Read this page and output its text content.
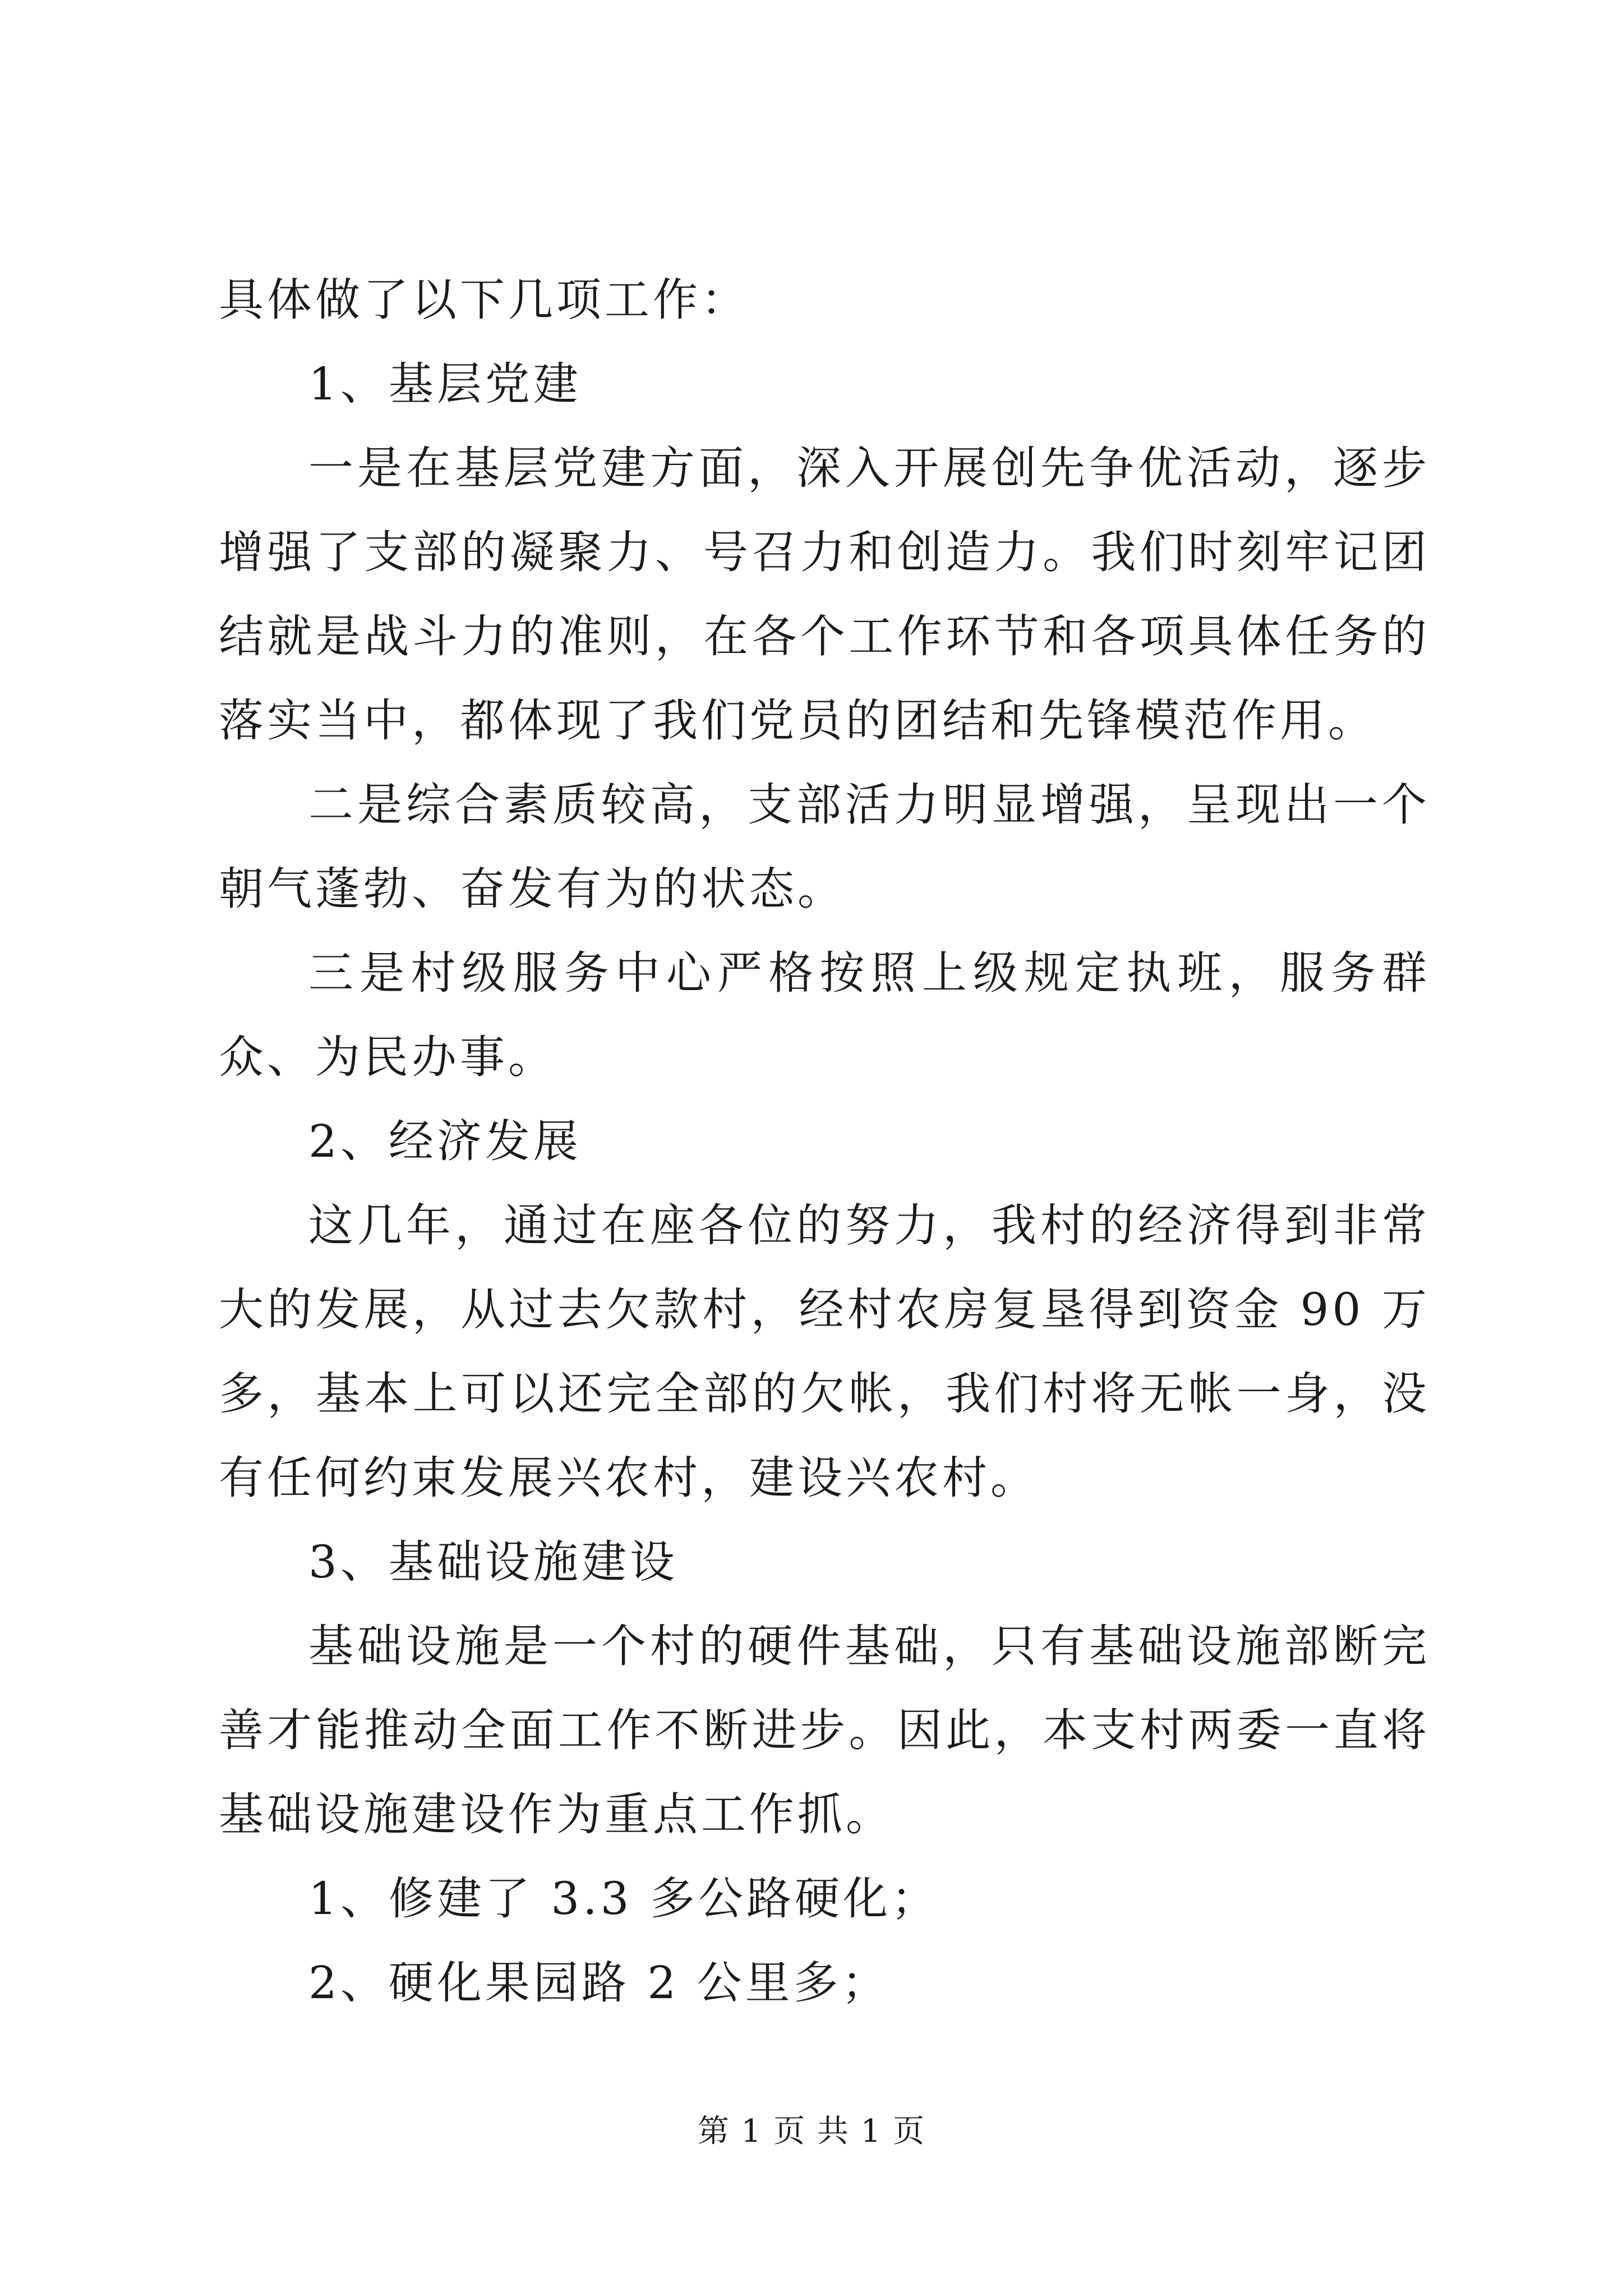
具体做了以下几项工作：

1、基层党建

一是在基层党建方面，深入开展创先争优活动，逐步增强了支部的凝聚力、号召力和创造力。我们时刻牢记团结就是战斗力的准则，在各个工作环节和各项具体任务的落实当中，都体现了我们党员的团结和先锋模范作用。

二是综合素质较高，支部活力明显增强，呈现出一个朝气蓬勃、奋发有为的状态。

三是村级服务中心严格按照上级规定执班，服务群众、为民办事。

2、经济发展

这几年，通过在座各位的努力，我村的经济得到非常大的发展，从过去欠款村，经村农房复垦得到资金 90 万多，基本上可以还完全部的欠帐，我们村将无帐一身，没有任何约束发展兴农村，建设兴农村。

3、基础设施建设

基础设施是一个村的硬件基础，只有基础设施部断完善才能推动全面工作不断进步。因此，本支村两委一直将基础设施建设作为重点工作抓。

1、修建了 3.3 多公路硬化；

2、硬化果园路 2 公里多；

第 1 页 共 1 页
